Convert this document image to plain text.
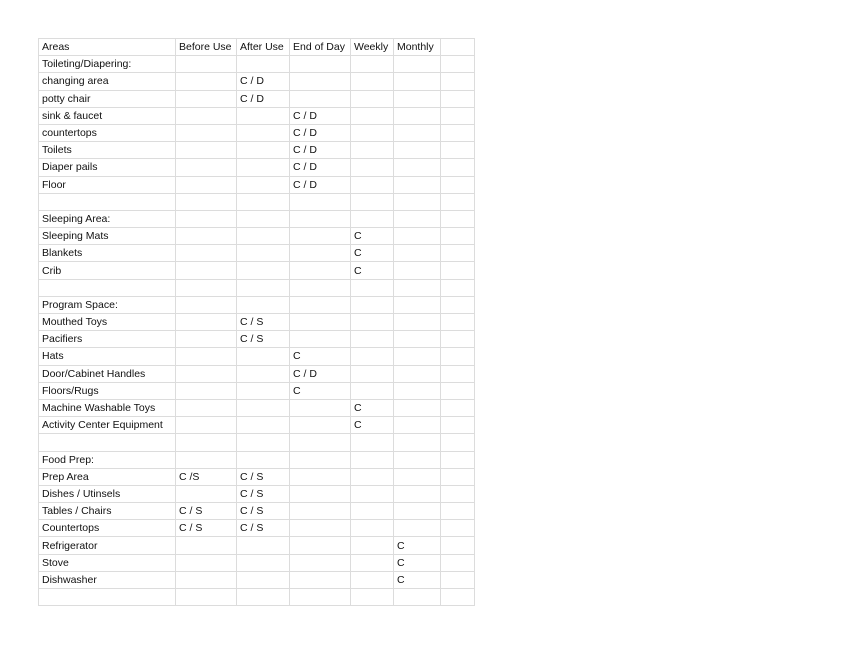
Areas	Before Use	After Use	End of Day	Weekly	Monthly	
Toileting/Diapering:						
changing area		C / D				
potty chair		C / D				
sink & faucet			C / D			
countertops			C / D			
Toilets			C / D			
Diaper pails			C / D			
Floor			C / D			

Sleeping Area:						
Sleeping Mats				C		
Blankets				C		
Crib				C		

Program Space:						
Mouthed Toys		C / S				
Pacifiers		C / S				
Hats			C			
Door/Cabinet Handles			C / D			
Floors/Rugs			C			
Machine Washable Toys				C		
Activity Center Equipment				C		

Food Prep:						
Prep Area	C /S	C / S				
Dishes / Utinsels		C / S				
Tables / Chairs	C / S	C / S				
Countertops	C / S	C / S				
Refrigerator					C	
Stove					C	
Dishwasher					C	
